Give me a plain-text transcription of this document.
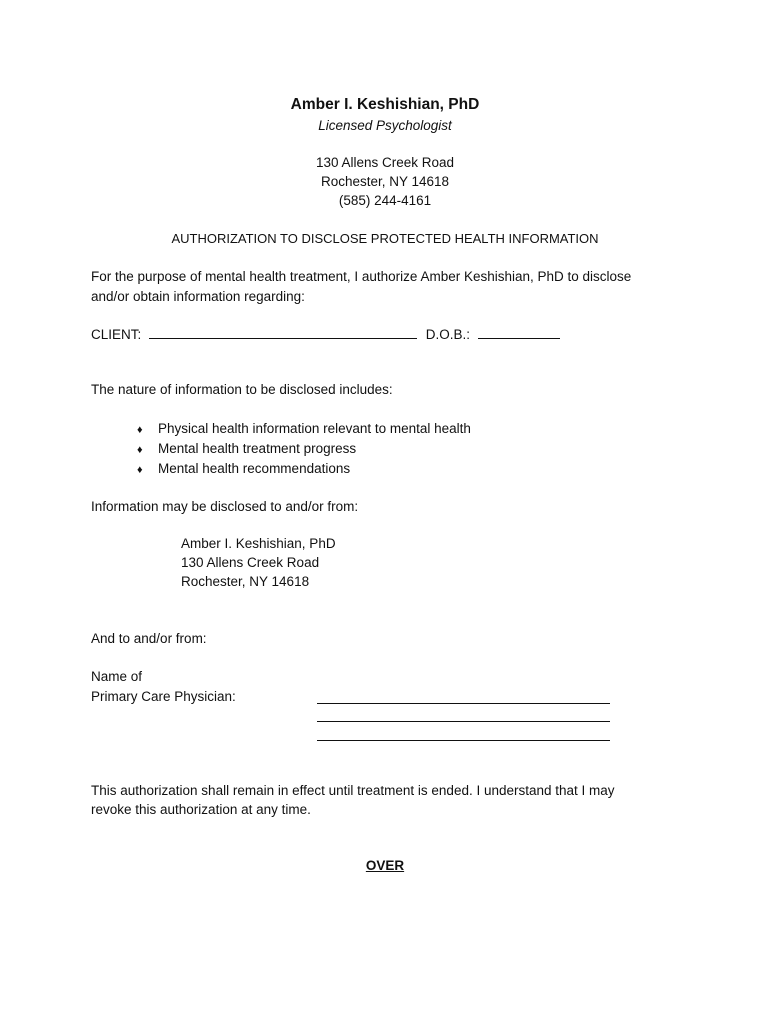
Amber I. Keshishian, PhD
Licensed Psychologist
130 Allens Creek Road
Rochester, NY 14618
(585) 244-4161
AUTHORIZATION TO DISCLOSE PROTECTED HEALTH INFORMATION
For the purpose of mental health treatment, I authorize Amber Keshishian, PhD to disclose
and/or obtain information regarding:
CLIENT:	D.O.B.:
The nature of information to be disclosed includes:
♦ Physical health information relevant to mental health
♦ Mental health treatment progress
♦ Mental health recommendations
Information may be disclosed to and/or from:
Amber I. Keshishian, PhD
130 Allens Creek Road
Rochester, NY 14618
And to and/or from:
Name of
Primary Care Physician:
This authorization shall remain in effect until treatment is ended. I understand that I may
revoke this authorization at any time.
OVER
